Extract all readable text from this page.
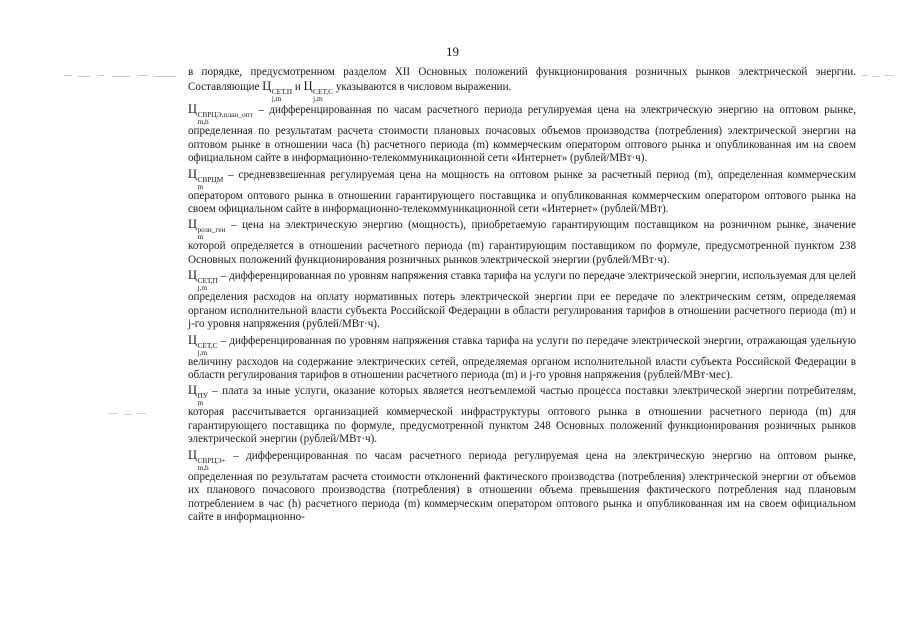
19

в порядке, предусмотренном разделом XII Основных положений функционирования розничных рынков электрической энергии. Составляющие Ц СЕТ,П
j,m
и Ц СЕТ,С
j,m
указываются в числовом выражении.

Ц СВРЦЭ,план_опт
m,h
– дифференцированная по часам расчетного периода регулируемая цена на электрическую энергию на оптовом рынке, определенная по результатам расчета стоимости плановых почасовых объемов производства (потребления) электрической энергии на оптовом рынке в отношении часа (h) расчетного периода (m) коммерческим оператором оптового рынка и опубликованная им на своем официальном сайте в информационно-телекоммуникационной сети «Интернет» (рублей/МВт·ч).

Ц СВРЦМ
m
– средневзвешенная регулируемая цена на мощность на оптовом рынке за расчетный период (m), определенная коммерческим оператором оптового рынка в отношении гарантирующего поставщика и опубликованная коммерческим оператором оптового рынка на своем официальном сайте в информационно-телекоммуникационной сети «Интернет» (рублей/МВт).

Ц розн_ген
m
– цена на электрическую энергию (мощность), приобретаемую гарантирующим поставщиком на розничном рынке, значение которой определяется в отношении расчетного периода (m) гарантирующим поставщиком по формуле, предусмотренной пунктом 238 Основных положений функционирования розничных рынков электрической энергии (рублей/МВт·ч).

Ц СЕТ,П
j,m
– дифференцированная по уровням напряжения ставка тарифа на услуги по передаче электрической энергии, используемая для целей определения расходов на оплату нормативных потерь электрической энергии при ее передаче по электрическим сетям, определяемая органом исполнительной власти субъекта Российской Федерации в области регулирования тарифов в отношении расчетного периода (m) и j-го уровня напряжения (рублей/МВт·ч).

Ц СЕТ,С
j,m
– дифференцированная по уровням напряжения ставка тарифа на услуги по передаче электрической энергии, отражающая удельную величину расходов на содержание электрических сетей, определяемая органом исполнительной власти субъекта Российской Федерации в области регулирования тарифов в отношении расчетного периода (m) и j-го уровня напряжения (рублей/МВт·мес).

Ц ПУ
m
– плата за иные услуги, оказание которых является неотъемлемой частью процесса поставки электрической энергии потребителям, которая рассчитывается организацией коммерческой инфраструктуры оптового рынка в отношении расчетного периода (m) для гарантирующего поставщика по формуле, предусмотренной пунктом 248 Основных положений функционирования розничных рынков электрической энергии (рублей/МВт·ч).

Ц СВРЦЭ+
m,h
– дифференцированная по часам расчетного периода регулируемая цена на электрическую энергию на оптовом рынке, определенная по результатам расчета стоимости отклонений фактического производства (потребления) электрической энергии от объемов их планового почасового производства (потребления) в отношении объема превышения фактического потребления над плановым потреблением в час (h) расчетного периода (m) коммерческим оператором оптового рынка и опубликованная им на своем официальном сайте в информационно-
